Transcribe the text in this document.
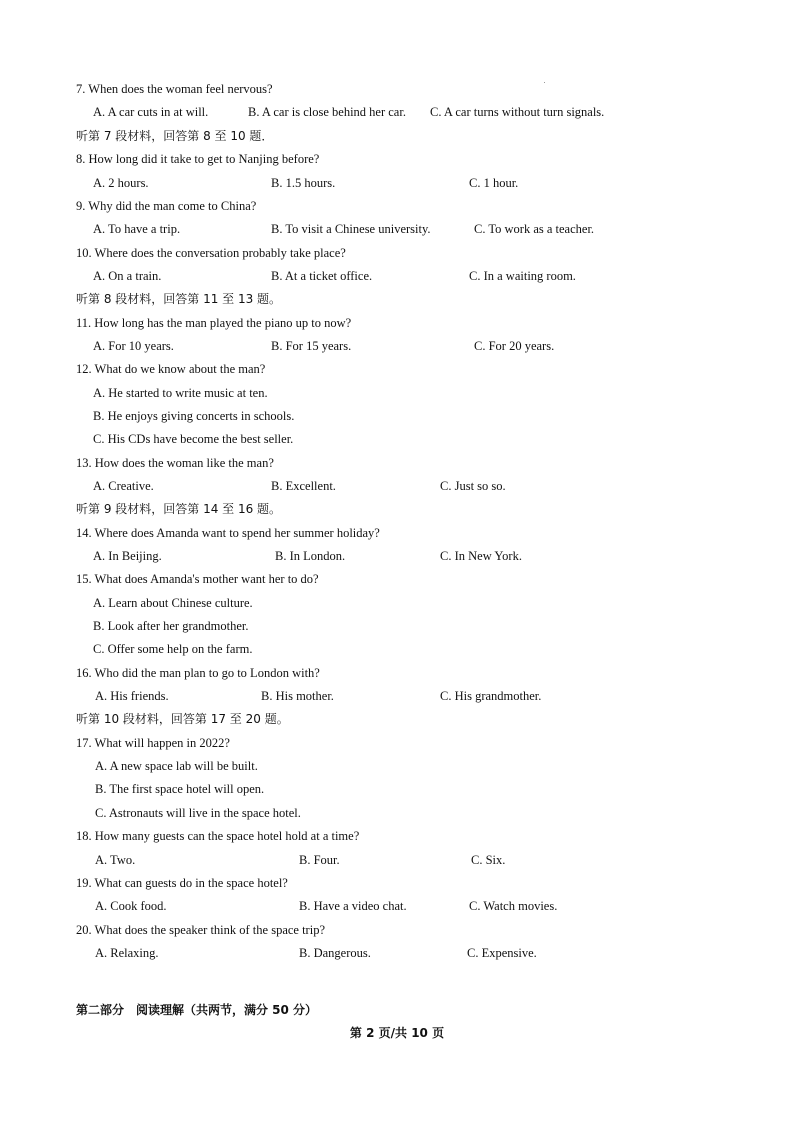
7. When does the woman feel nervous?
A. A car cuts in at will.	B. A car is close behind her car. C. A car turns without turn signals.
听第 7 段材料，回答第 8 至 10 题．
8. How long did it take to get to Nanjing before?
A. 2 hours.	B. 1.5 hours.	C. 1 hour.
9. Why did the man come to China?
A. To have a trip.	B. To visit a Chinese university.	C. To work as a teacher.
10. Where does the conversation probably take place?
A. On a train.	B. At a ticket office.	C. In a waiting room.
听第 8 段材料，回答第 11 至 13 题。
11. How long has the man played the piano up to now?
A. For 10 years.	B. For 15 years.	C. For 20 years.
12. What do we know about the man?
A. He started to write music at ten.
B. He enjoys giving concerts in schools.
C. His CDs have become the best seller.
13. How does the woman like the man?
A. Creative.	B. Excellent.	C. Just so so.
听第 9 段材料，回答第 14 至 16 题。
14. Where does Amanda want to spend her summer holiday?
A. In Beijing.	B. In London.	C. In New York.
15. What does Amanda's mother want her to do?
A. Learn about Chinese culture.
B. Look after her grandmother.
C. Offer some help on the farm.
16. Who did the man plan to go to London with?
A. His friends.	B. His mother.	C. His grandmother.
听第 10 段材料，回答第 17 至 20 题。
17. What will happen in 2022?
A. A new space lab will be built.
B. The first space hotel will open.
C. Astronauts will live in the space hotel.
18. How many guests can the space hotel hold at a time?
A. Two.	B. Four.	C. Six.
19. What can guests do in the space hotel?
A. Cook food.	B. Have a video chat.	C. Watch movies.
20. What does the speaker think of the space trip?
A. Relaxing.	B. Dangerous.	C. Expensive.
第二部分　阅读理解（共两节，满分 50 分）
第 2 页/共 10 页
